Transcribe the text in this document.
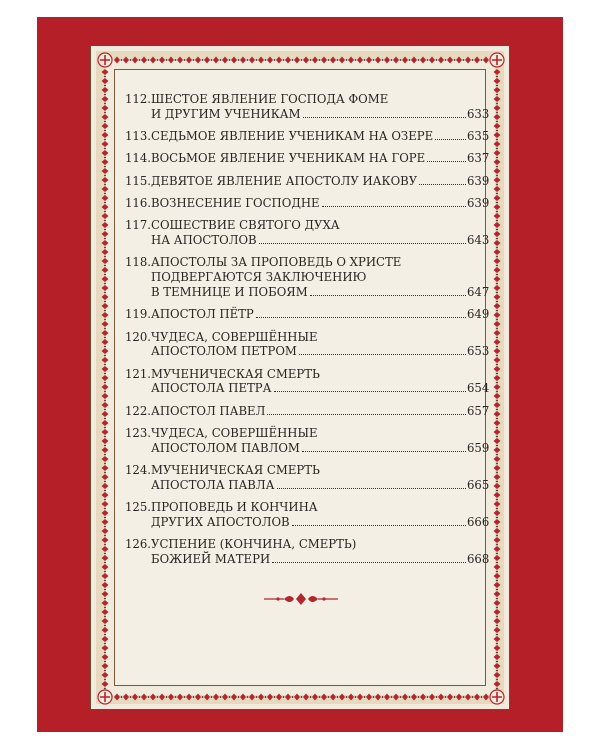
112. ШЕСТОЕ ЯВЛЕНИЕ ГОСПОДА ФОМЕ
И ДРУГИМ УЧЕНИКАМ	633
113. СЕДЬМОЕ ЯВЛЕНИЕ УЧЕНИКАМ НА ОЗЕРЕ	635
114. ВОСЬМОЕ ЯВЛЕНИЕ УЧЕНИКАМ НА ГОРЕ	637
115. ДЕВЯТОЕ ЯВЛЕНИЕ АПОСТОЛУ ИАКОВУ	639
116. ВОЗНЕСЕНИЕ ГОСПОДНЕ	639
117. СОШЕСТВИЕ СВЯТОГО ДУХА
НА АПОСТОЛОВ	643
118. АПОСТОЛЫ ЗА ПРОПОВЕДЬ О ХРИСТЕ
ПОДВЕРГАЮТСЯ ЗАКЛЮЧЕНИЮ
В ТЕМНИЦЕ И ПОБОЯМ	647
119. АПОСТОЛ ПЁТР	649
120. ЧУДЕСА, СОВЕРШЁННЫЕ
АПОСТОЛОМ ПЕТРОМ	653
121. МУЧЕНИЧЕСКАЯ СМЕРТЬ
АПОСТОЛА ПЕТРА	654
122. АПОСТОЛ ПАВЕЛ	657
123. ЧУДЕСА, СОВЕРШЁННЫЕ
АПОСТОЛОМ ПАВЛОМ	659
124. МУЧЕНИЧЕСКАЯ СМЕРТЬ
АПОСТОЛА ПАВЛА	665
125. ПРОПОВЕДЬ И КОНЧИНА
ДРУГИХ АПОСТОЛОВ	666
126. УСПЕНИЕ (КОНЧИНА, СМЕРТЬ)
БОЖИЕЙ МАТЕРИ	668
